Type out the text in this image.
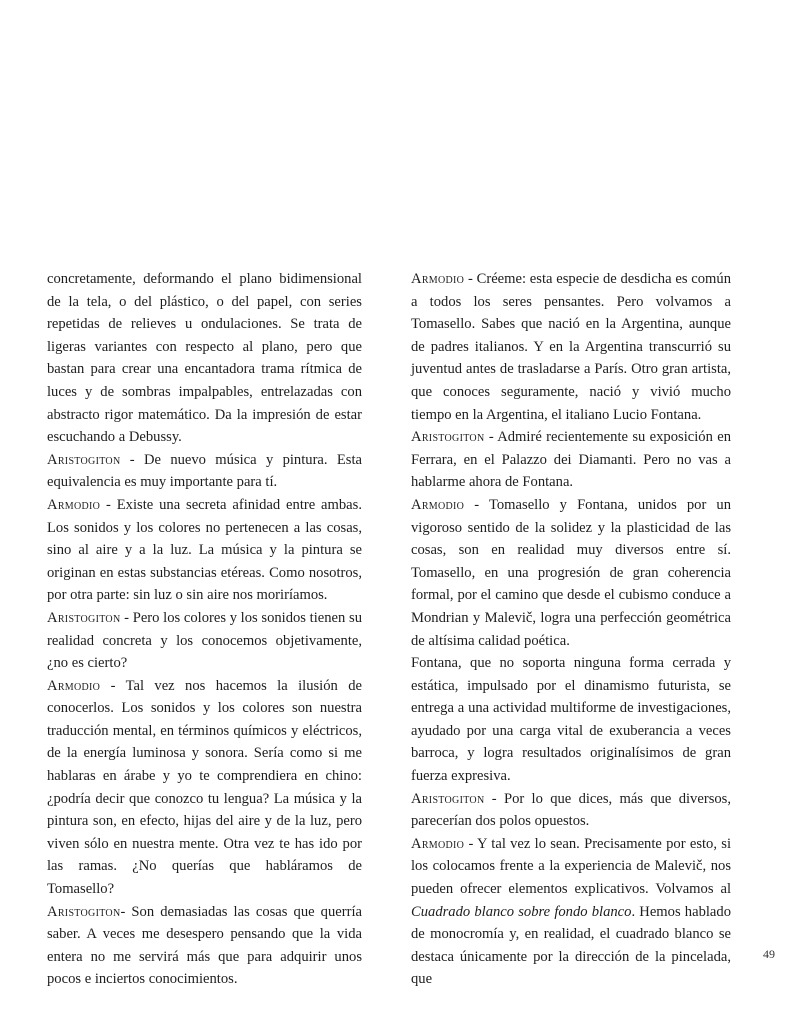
concretamente, deformando el plano bidimensional de la tela, o del plástico, o del papel, con series repetidas de relieves u ondulaciones. Se trata de ligeras variantes con respecto al plano, pero que bastan para crear una encantadora trama rítmica de luces y de sombras impalpables, entrelazadas con abstracto rigor matemático. Da la impresión de estar escuchando a Debussy.

Aristogiton - De nuevo música y pintura. Esta equivalencia es muy importante para tí.

Armodio - Existe una secreta afinidad entre ambas. Los sonidos y los colores no pertenecen a las cosas, sino al aire y a la luz. La música y la pintura se originan en estas substancias etéreas. Como nosotros, por otra parte: sin luz o sin aire nos moriríamos.

Aristogiton - Pero los colores y los sonidos tienen su realidad concreta y los conocemos objetivamente, ¿no es cierto?

Armodio - Tal vez nos hacemos la ilusión de conocerlos. Los sonidos y los colores son nuestra traducción mental, en términos químicos y eléctricos, de la energía luminosa y sonora. Sería como si me hablaras en árabe y yo te comprendiera en chino: ¿podría decir que conozco tu lengua? La música y la pintura son, en efecto, hijas del aire y de la luz, pero viven sólo en nuestra mente. Otra vez te has ido por las ramas. ¿No querías que habláramos de Tomasello?

Aristogiton- Son demasiadas las cosas que querría saber. A veces me desespero pensando que la vida entera no me servirá más que para adquirir unos pocos e inciertos conocimientos.

Armodio - Créeme: esta especie de desdicha es común a todos los seres pensantes. Pero volvamos a Tomasello. Sabes que nació en la Argentina, aunque de padres italianos. Y en la Argentina transcurrió su juventud antes de trasladarse a París. Otro gran artista, que conoces seguramente, nació y vivió mucho tiempo en la Argentina, el italiano Lucio Fontana.

Aristogiton - Admiré recientemente su exposición en Ferrara, en el Palazzo dei Diamanti. Pero no vas a hablarme ahora de Fontana.

Armodio - Tomasello y Fontana, unidos por un vigoroso sentido de la solidez y la plasticidad de las cosas, son en realidad muy diversos entre sí. Tomasello, en una progresión de gran coherencia formal, por el camino que desde el cubismo conduce a Mondrian y Malevič, logra una perfección geométrica de altísima calidad poética.

Fontana, que no soporta ninguna forma cerrada y estática, impulsado por el dinamismo futurista, se entrega a una actividad multiforme de investigaciones, ayudado por una carga vital de exuberancia a veces barroca, y logra resultados originalísimos de gran fuerza expresiva.

Aristogiton - Por lo que dices, más que diversos, parecerían dos polos opuestos.

Armodio - Y tal vez lo sean. Precisamente por esto, si los colocamos frente a la experiencia de Malevič, nos pueden ofrecer elementos explicativos. Volvamos al Cuadrado blanco sobre fondo blanco. Hemos hablado de monocromía y, en realidad, el cuadrado blanco se destaca únicamente por la dirección de la pincelada, que

49
